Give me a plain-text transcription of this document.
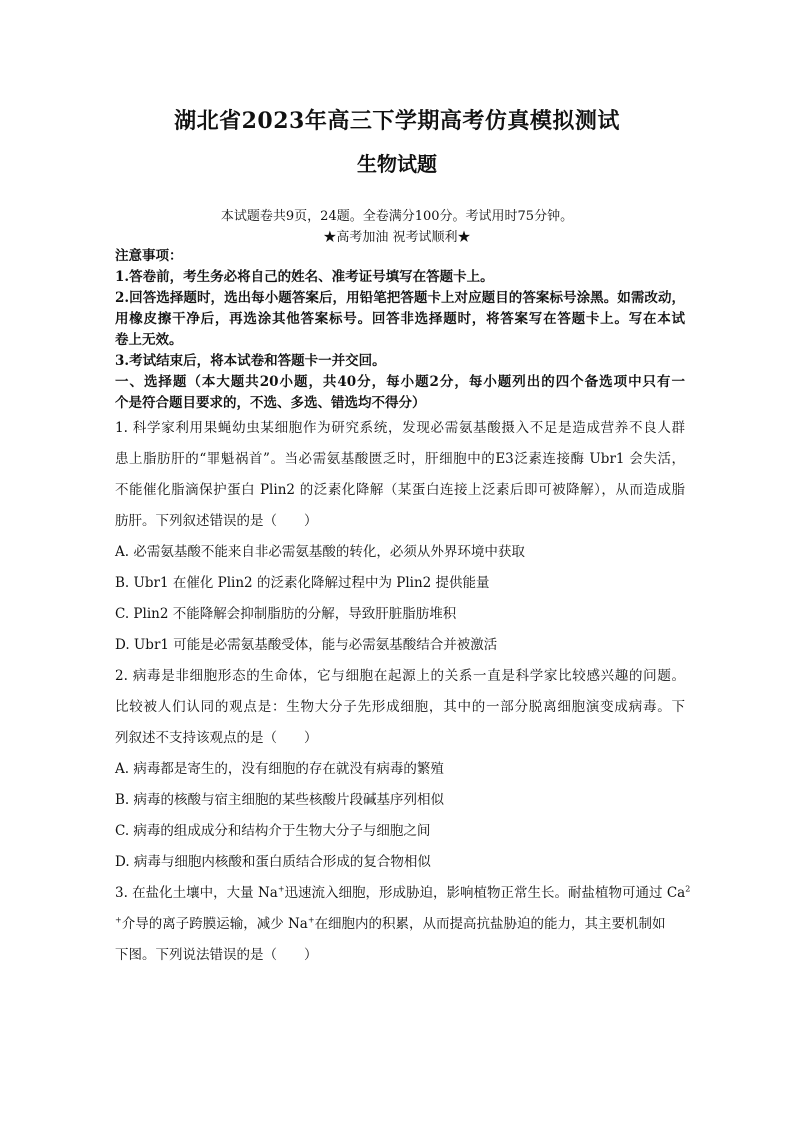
湖北省2023年高三下学期高考仿真模拟测试
生物试题
本试题卷共9页，24题。全卷满分100分。考试用时75分钟。
★高考加油 祝考试顺利★
注意事项：
1.答卷前，考生务必将自己的姓名、准考证号填写在答题卡上。
2.回答选择题时，选出每小题答案后，用铅笔把答题卡上对应题目的答案标号涂黑。如需改动，
用橡皮擦干净后，再选涂其他答案标号。回答非选择题时，将答案写在答题卡上。写在本试
卷上无效。
3.考试结束后，将本试卷和答题卡一并交回。
一、选择题（本大题共20小题，共40分，每小题2分，每小题列出的四个备选项中只有一
个是符合题目要求的，不选、多选、错选均不得分）
1. 科学家利用果蝇幼虫某细胞作为研究系统，发现必需氨基酸摄入不足是造成营养不良人群
患上脂肪肝的“罪魁祸首”。当必需氨基酸匮乏时，肝细胞中的E3泛素连接酶 Ubr1 会失活，
不能催化脂滴保护蛋白 Plin2 的泛素化降解（某蛋白连接上泛素后即可被降解），从而造成脂
肪肝。下列叙述错误的是（　　）
A. 必需氨基酸不能来自非必需氨基酸的转化，必须从外界环境中获取
B. Ubr1 在催化 Plin2 的泛素化降解过程中为 Plin2 提供能量
C. Plin2 不能降解会抑制脂肪的分解，导致肝脏脂肪堆积
D. Ubr1 可能是必需氨基酸受体，能与必需氨基酸结合并被激活
2. 病毒是非细胞形态的生命体，它与细胞在起源上的关系一直是科学家比较感兴趣的问题。
比较被人们认同的观点是：生物大分子先形成细胞，其中的一部分脱离细胞演变成病毒。下
列叙述不支持该观点的是（　　）
A. 病毒都是寄生的，没有细胞的存在就没有病毒的繁殖
B. 病毒的核酸与宿主细胞的某些核酸片段碱基序列相似
C. 病毒的组成成分和结构介于生物大分子与细胞之间
D. 病毒与细胞内核酸和蛋白质结合形成的复合物相似
3. 在盐化土壤中，大量 Na+迅速流入细胞，形成胁迫，影响植物正常生长。耐盐植物可通过 Ca$^2$
+介导的离子跨膜运输，减少 Na+在细胞内的积累，从而提高抗盐胁迫的能力，其主要机制如
下图。下列说法错误的是（　　）
